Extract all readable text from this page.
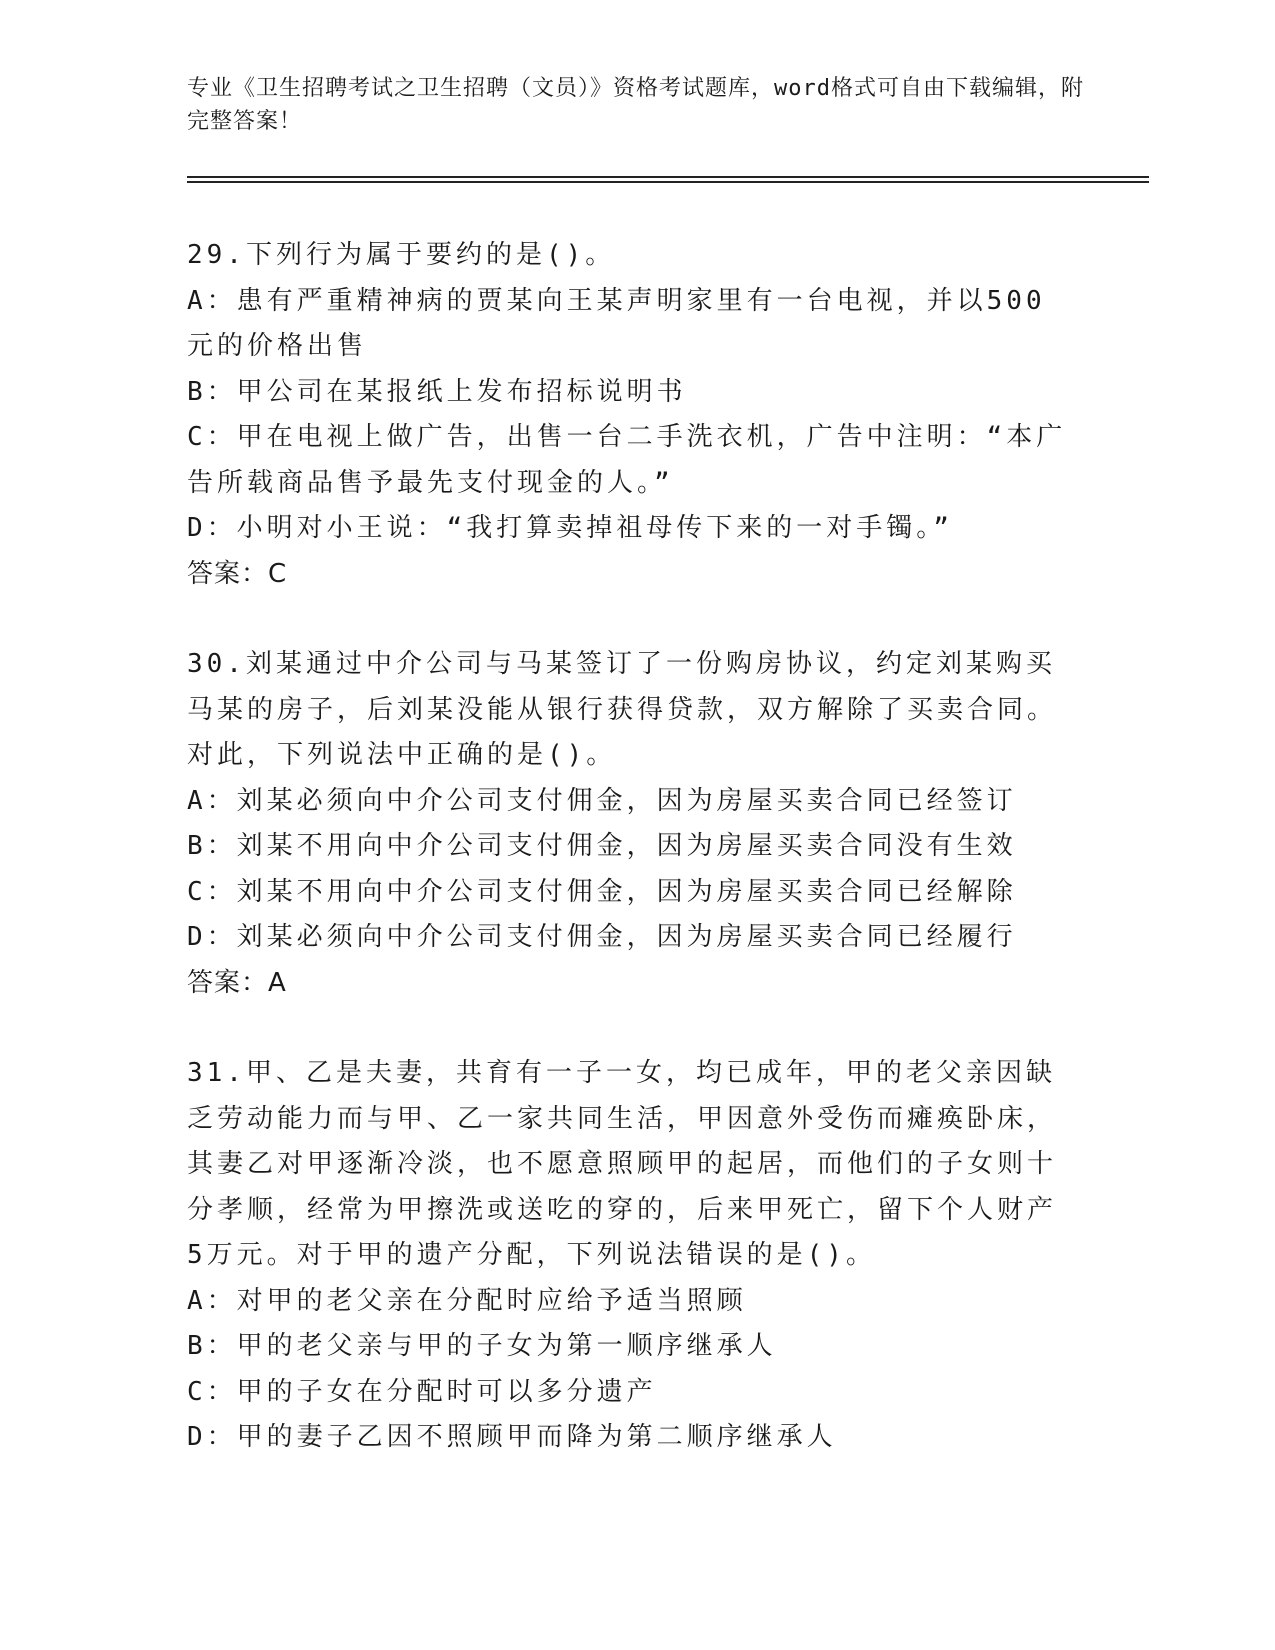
专业《卫生招聘考试之卫生招聘（文员）》资格考试题库，word格式可自由下载编辑，附完整答案！

29.下列行为属于要约的是()。

A：患有严重精神病的贾某向王某声明家里有一台电视，并以500元的价格出售

B：甲公司在某报纸上发布招标说明书

C：甲在电视上做广告，出售一台二手洗衣机，广告中注明：“本广告所载商品售予最先支付现金的人。”

D：小明对小王说：“我打算卖掉祖母传下来的一对手镯。”

答案：C

30.刘某通过中介公司与马某签订了一份购房协议，约定刘某购买马某的房子，后刘某没能从银行获得贷款，双方解除了买卖合同。对此，下列说法中正确的是()。

A：刘某必须向中介公司支付佣金，因为房屋买卖合同已经签订

B：刘某不用向中介公司支付佣金，因为房屋买卖合同没有生效

C：刘某不用向中介公司支付佣金，因为房屋买卖合同已经解除

D：刘某必须向中介公司支付佣金，因为房屋买卖合同已经履行

答案：A

31.甲、乙是夫妻，共育有一子一女，均已成年，甲的老父亲因缺乏劳动能力而与甲、乙一家共同生活，甲因意外受伤而瘫痪卧床，其妻乙对甲逐渐冷淡，也不愿意照顾甲的起居，而他们的子女则十分孝顺，经常为甲擦洗或送吃的穿的，后来甲死亡，留下个人财产5万元。对于甲的遗产分配，下列说法错误的是()。

A：对甲的老父亲在分配时应给予适当照顾

B：甲的老父亲与甲的子女为第一顺序继承人

C：甲的子女在分配时可以多分遗产

D：甲的妻子乙因不照顾甲而降为第二顺序继承人
